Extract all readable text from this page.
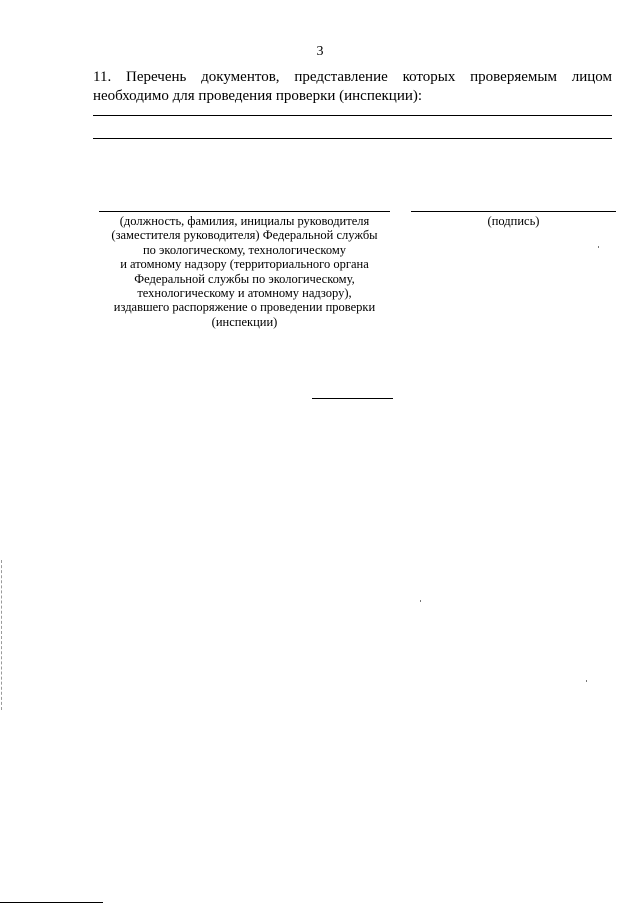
3
11. Перечень документов, представление которых проверяемым лицом необходимо для проведения проверки (инспекции):
(должность, фамилия, инициалы руководителя
(заместителя руководителя) Федеральной службы
по экологическому, технологическому
и атомному надзору (территориального органа
Федеральной службы по экологическому,
технологическому и атомному надзору),
издавшего распоряжение о проведении проверки
(инспекции)
(подпись)
